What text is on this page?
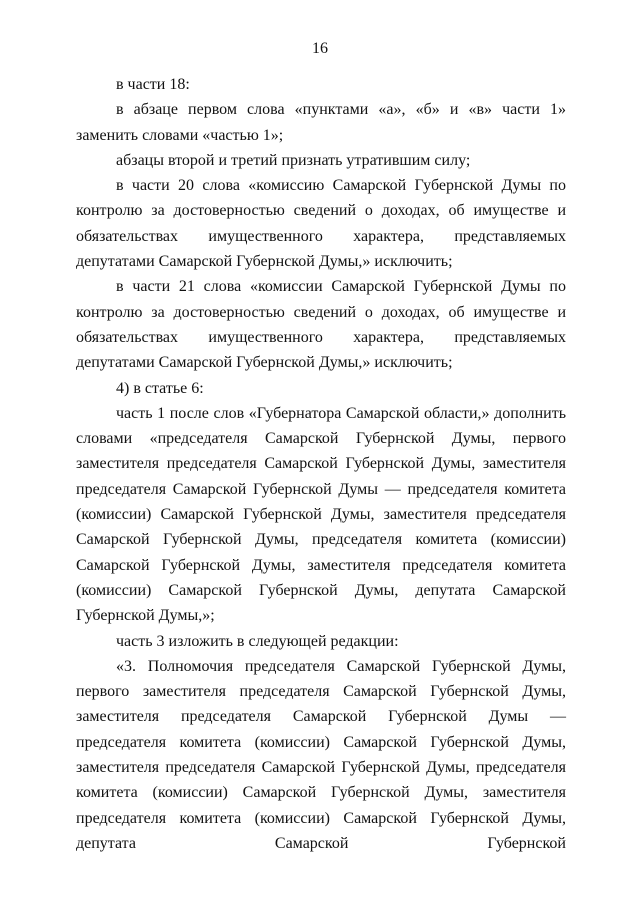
16

в части 18:

в абзаце первом слова «пунктами «а», «б» и «в» части 1» заменить словами «частью 1»;

абзацы второй и третий признать утратившим силу;

в части 20 слова «комиссию Самарской Губернской Думы по контролю за достоверностью сведений о доходах, об имуществе и обязательствах имущественного характера, представляемых депутатами Самарской Губернской Думы,» исключить;

в части 21 слова «комиссии Самарской Губернской Думы по контролю за достоверностью сведений о доходах, об имуществе и обязательствах имущественного характера, представляемых депутатами Самарской Губернской Думы,» исключить;

4) в статье 6:

часть 1 после слов «Губернатора Самарской области,» дополнить словами «председателя Самарской Губернской Думы, первого заместителя председателя Самарской Губернской Думы, заместителя председателя Самарской Губернской Думы — председателя комитета (комиссии) Самарской Губернской Думы, заместителя председателя Самарской Губернской Думы, председателя комитета (комиссии) Самарской Губернской Думы, заместителя председателя комитета (комиссии) Самарской Губернской Думы, депутата Самарской Губернской Думы,»;

часть 3 изложить в следующей редакции:

«3. Полномочия председателя Самарской Губернской Думы, первого заместителя председателя Самарской Губернской Думы, заместителя председателя Самарской Губернской Думы — председателя комитета (комиссии) Самарской Губернской Думы, заместителя председателя Самарской Губернской Думы, председателя комитета (комиссии) Самарской Губернской Думы, заместителя председателя комитета (комиссии) Самарской Губернской Думы, депутата Самарской Губернской
